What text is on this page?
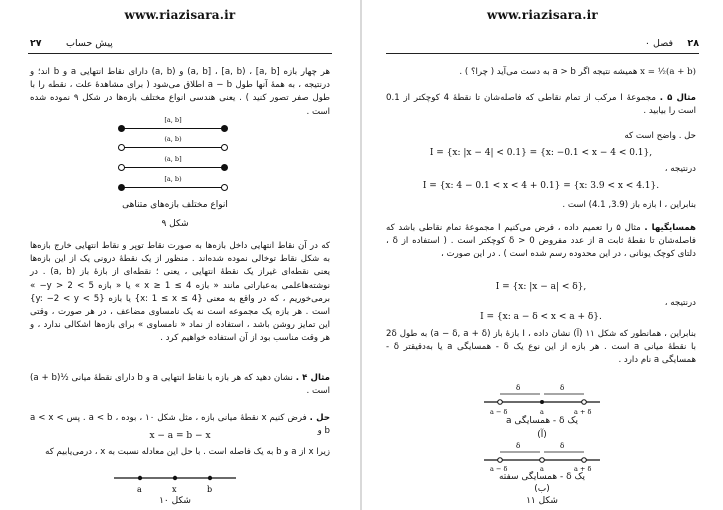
www.riazisara.ir
۲۷	پیش حساب
هر چهار بازه [a, b] ، (a, b] ، [a, b) و (a, b) دارای نقاط انتهایی a و b اند؛ و درنتیجه ، به همهٔ آنها طول a − b اطلاق می‌شود ( برای مشاهدهٔ علت ، نقطه را با طول صفر تصور کنید ) . یعنی هندسی انواع مختلف بازه‌ها در شکل ۹ نموده شده است .
[a, b]
(a, b)
(a, b]
[a, b)
انواع مختلف بازه‌های متناهی
شکل ۹
که در آن نقاط انتهایی داخل بازه‌ها به صورت نقاط توپر و نقاط انتهایی خارج بازه‌ها به شکل نقاط توخالی نموده شده‌اند . منظور از یک نقطهٔ درونی یک از این بازه‌ها یعنی نقطه‌ای غیراز یک نقطهٔ انتهایی ، یعنی ؛ نقطه‌ای از بازهٔ باز (a, b) . در نوشته‌هاعلمی به‌عباراتی مانند « بازه 4 ≥ x ≥ 1 » یا « بازه 5 > y > 2− » برمی‌خوریم ، که در واقع به معنی {x: 1 ≤ x ≤ 4} یا بازه {y: −2 < y < 5} است . هر بازه یک مجموعه است نه یک نامساوی مضاعف ، در هر صورت ، وقتی این تمایز روشن باشد ، استفاده از نماد « نامساوی » برای بازه‌ها اشکالی ندارد ، و هر وقت مناسب بود از آن استفاده خواهیم کرد .
مثال ۴ . نشان دهید که هر بازه با نقاط انتهایی a و b دارای نقطهٔ میانی ½(a + b) است .
حل . فرض کنیم x نقطهٔ میانی بازه ، مثل شکل ۱۰ ، بوده ، a < b . پس a < x < b و
x − a = b − x
زیرا x از a و b به یک فاصله است . با حل این معادله نسبت به x ، درمی‌یابیم که
a	x	b
شکل ۱۰
www.riazisara.ir
۲۸
فصل ۰
x = ½(a + b) همیشه نتیجه اگر a > b به دست می‌آید ( چرا؟ ) .
مثال ۵ . مجموعهٔ I مرکب از تمام نقاطی که فاصله‌شان تا نقطهٔ 4 کوچکتر از 0.1 است را بیابید .
حل . واضح است که
I = {x: |x − 4| < 0.1} = {x: −0.1 < x − 4 < 0.1},
درنتیجه ،
I = {x: 4 − 0.1 < x < 4 + 0.1} = {x: 3.9 < x < 4.1}.
بنابراین ، I بازه باز (3.9, 4.1) است .
همسایگیها . مثال ۵ را تعمیم داده ، فرض می‌کنیم I مجموعهٔ تمام نقاطی باشد که فاصله‌شان تا نقطهٔ ثابت a از عدد مفروض δ > 0 کوچکتر است . ( استفاده از δ ، دلتای کوچک یونانی ، در این محدوده رسم شده است ) . در این صورت ،
I = {x: |x − a| < δ},
درنتیجه ،
I = {x: a − δ < x < a + δ}.
بنابراین ، همانطور که شکل ۱۱ (آ) نشان داده ، I بازهٔ باز (a − δ, a + δ) به طول 2δ با نقطهٔ میانی a است . هر بازه از این نوع یک δ - همسایگی a یا به‌دقیقتر δ - همسایگی a نام دارد .
δ	δ
a − δ	a	a + δ
یک δ - همسایگی a
(آ)
δ	δ
a − δ	a	a + δ
یک δ - همسایگی سفته
(ب)
شکل ۱۱
